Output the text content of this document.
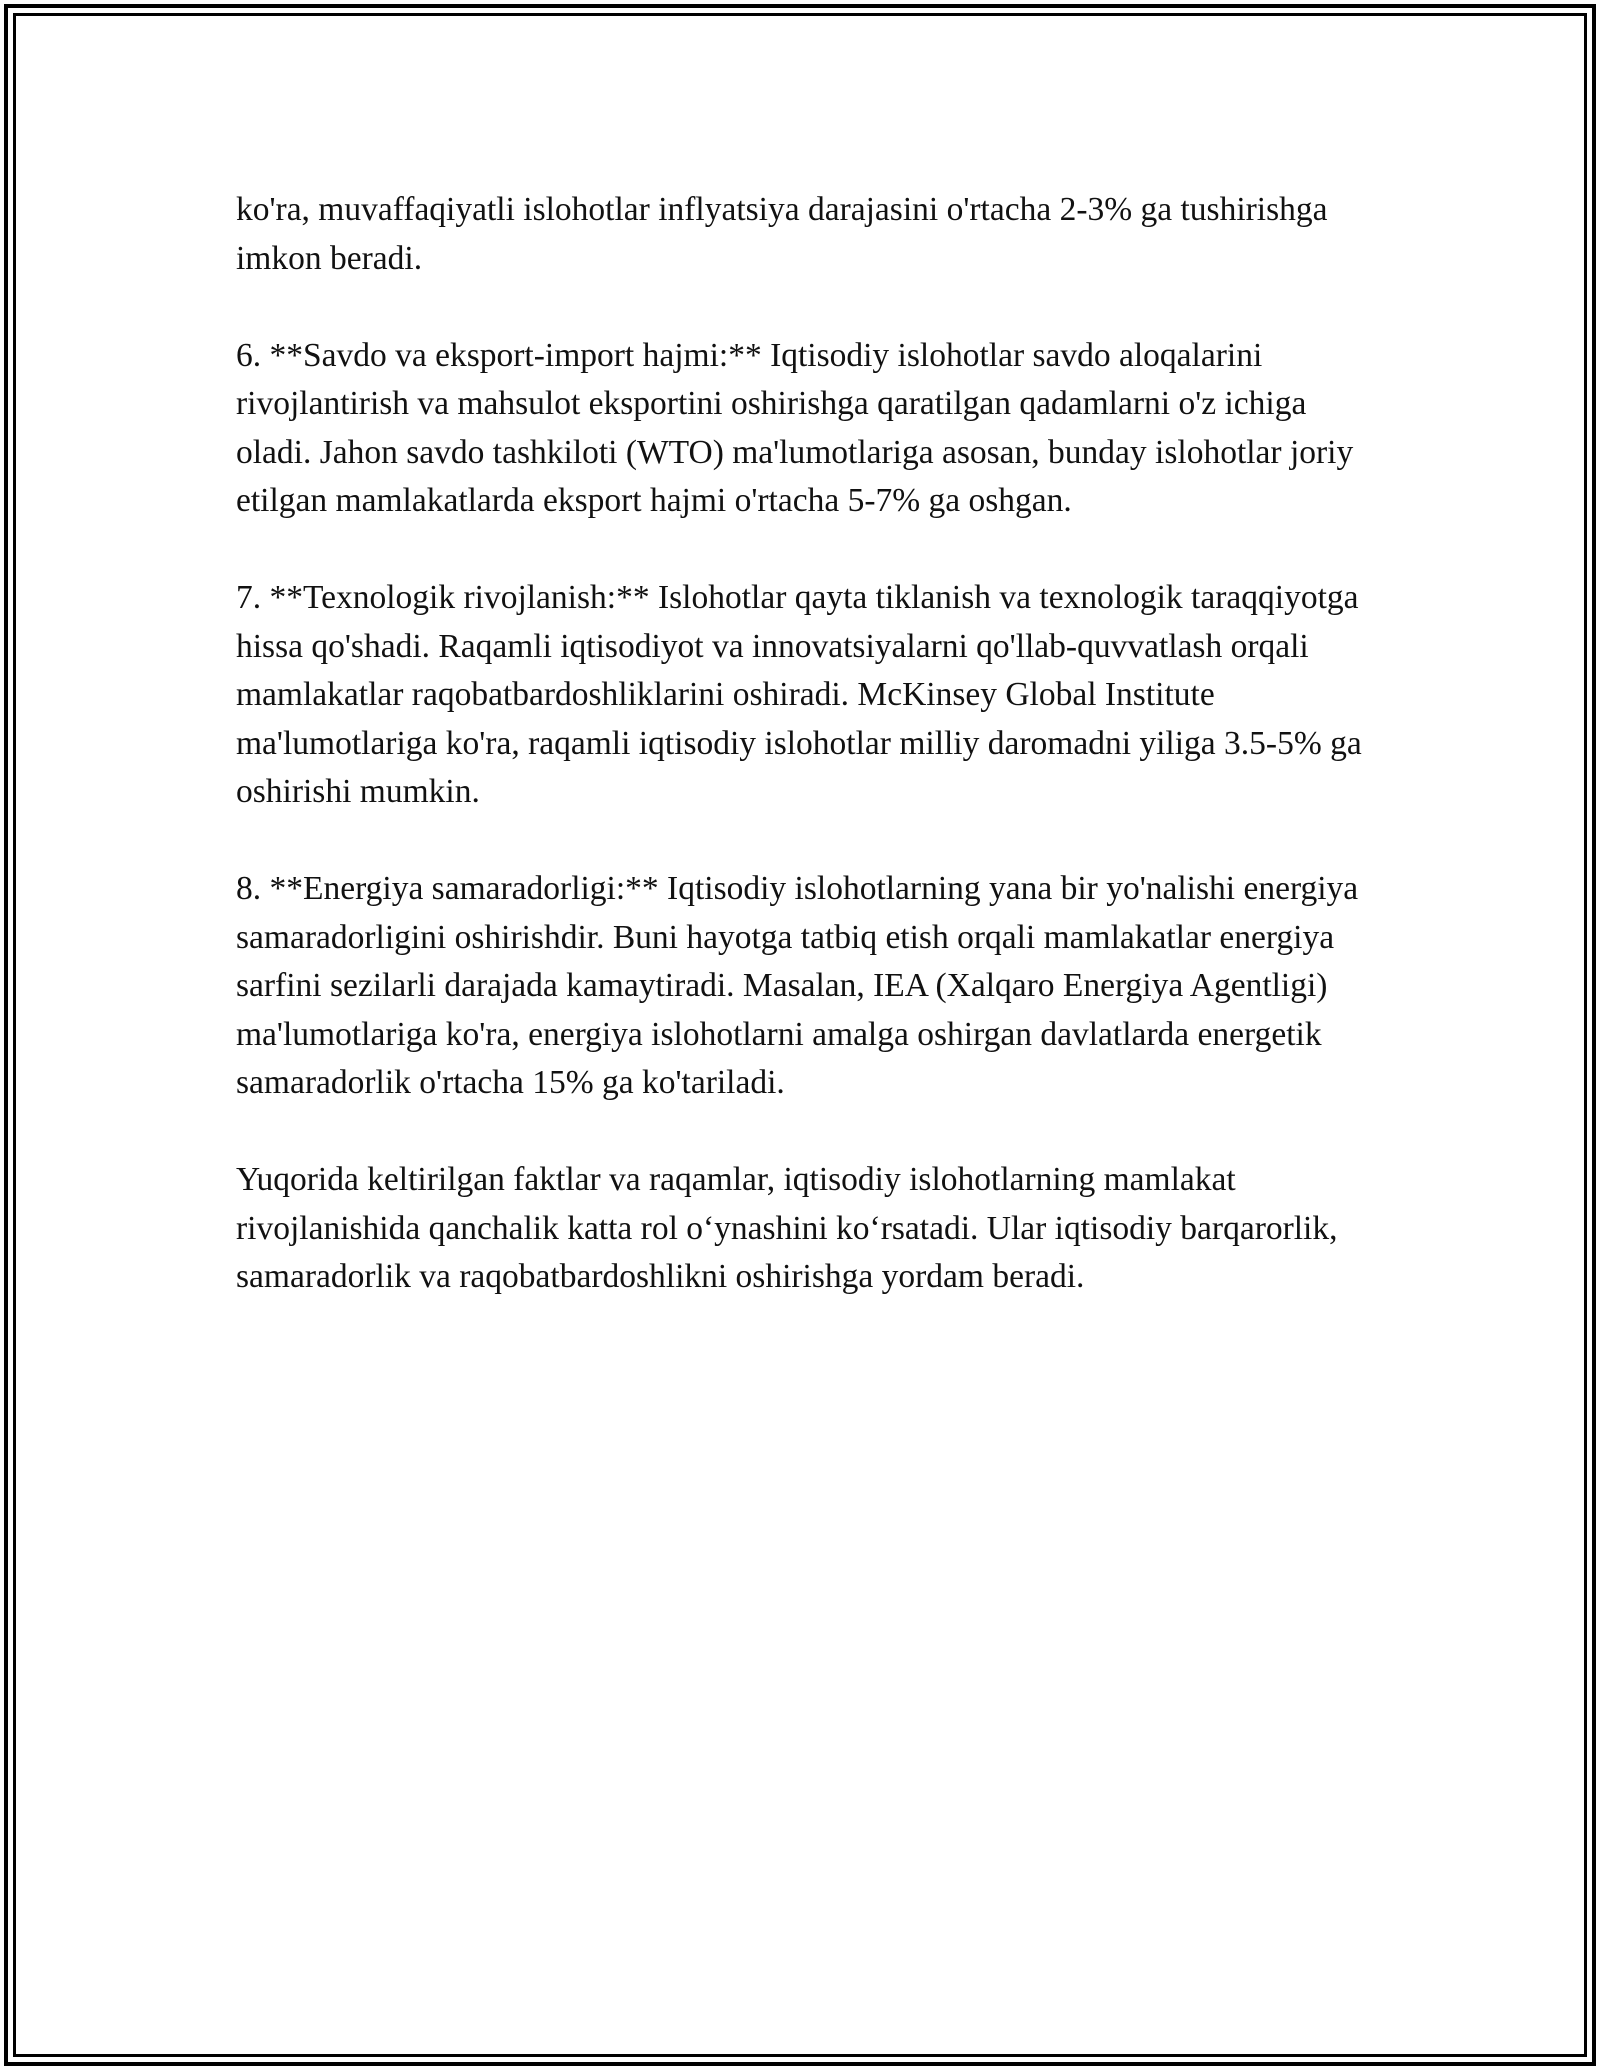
ko'ra, muvaffaqiyatli islohotlar inflyatsiya darajasini o'rtacha 2-3% ga tushirishga imkon beradi.

6. **Savdo va eksport-import hajmi:** Iqtisodiy islohotlar savdo aloqalarini rivojlantirish va mahsulot eksportini oshirishga qaratilgan qadamlarni o'z ichiga oladi. Jahon savdo tashkiloti (WTO) ma'lumotlariga asosan, bunday islohotlar joriy etilgan mamlakatlarda eksport hajmi o'rtacha 5-7% ga oshgan.

7. **Texnologik rivojlanish:** Islohotlar qayta tiklanish va texnologik taraqqiyotga hissa qo'shadi. Raqamli iqtisodiyot va innovatsiyalarni qo'llab-quvvatlash orqali mamlakatlar raqobatbardoshliklarini oshiradi. McKinsey Global Institute ma'lumotlariga ko'ra, raqamli iqtisodiy islohotlar milliy daromadni yiliga 3.5-5% ga oshirishi mumkin.

8. **Energiya samaradorligi:** Iqtisodiy islohotlarning yana bir yo'nalishi energiya samaradorligini oshirishdir. Buni hayotga tatbiq etish orqali mamlakatlar energiya sarfini sezilarli darajada kamaytiradi. Masalan, IEA (Xalqaro Energiya Agentligi) ma'lumotlariga ko'ra, energiya islohotlarni amalga oshirgan davlatlarda energetik samaradorlik o'rtacha 15% ga ko'tariladi.

Yuqorida keltirilgan faktlar va raqamlar, iqtisodiy islohotlarning mamlakat rivojlanishida qanchalik katta rol o‘ynashini ko‘rsatadi. Ular iqtisodiy barqarorlik, samaradorlik va raqobatbardoshlikni oshirishga yordam beradi.
